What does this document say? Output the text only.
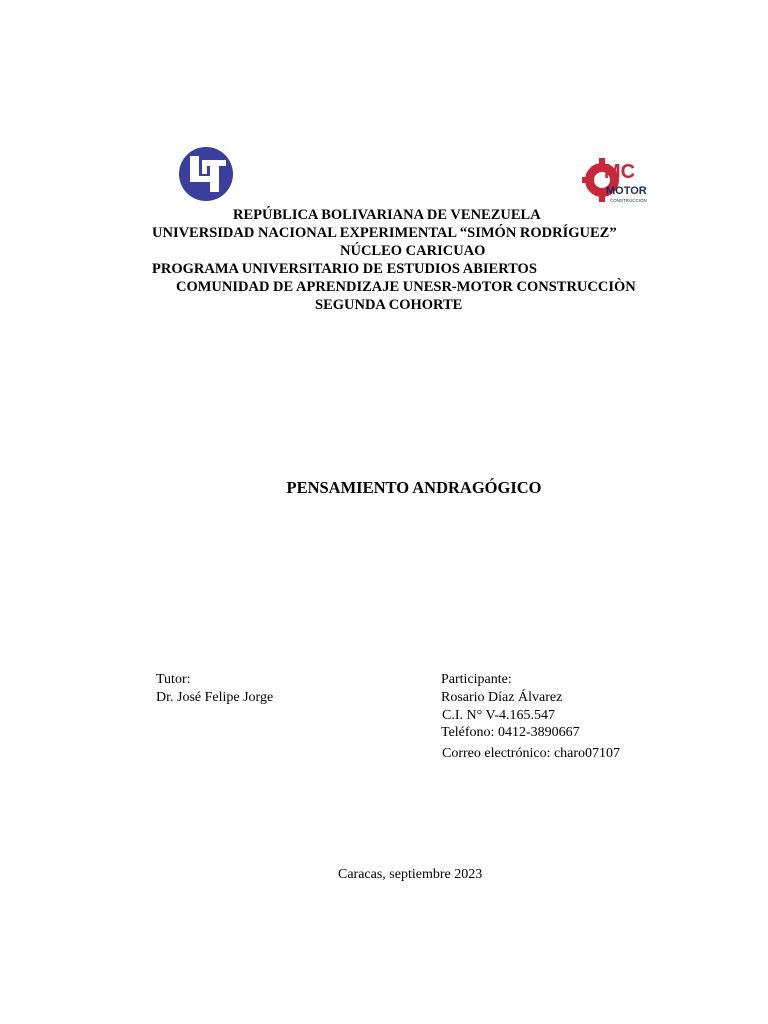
MC
MOTOR
CONSTRUCCIÓN
REPÚBLICA BOLIVARIANA DE VENEZUELA
UNIVERSIDAD NACIONAL EXPERIMENTAL “SIMÓN RODRÍGUEZ”
NÚCLEO CARICUAO
PROGRAMA UNIVERSITARIO DE ESTUDIOS ABIERTOS
COMUNIDAD DE APRENDIZAJE UNESR-MOTOR CONSTRUCCIÒN
SEGUNDA COHORTE
PENSAMIENTO ANDRAGÓGICO
Tutor:
Dr. José Felipe Jorge
Participante:
Rosario Díaz Álvarez
C.I. N° V-4.165.547
Teléfono: 0412-3890667
Correo electrónico: charo07107
Caracas, septiembre 2023
